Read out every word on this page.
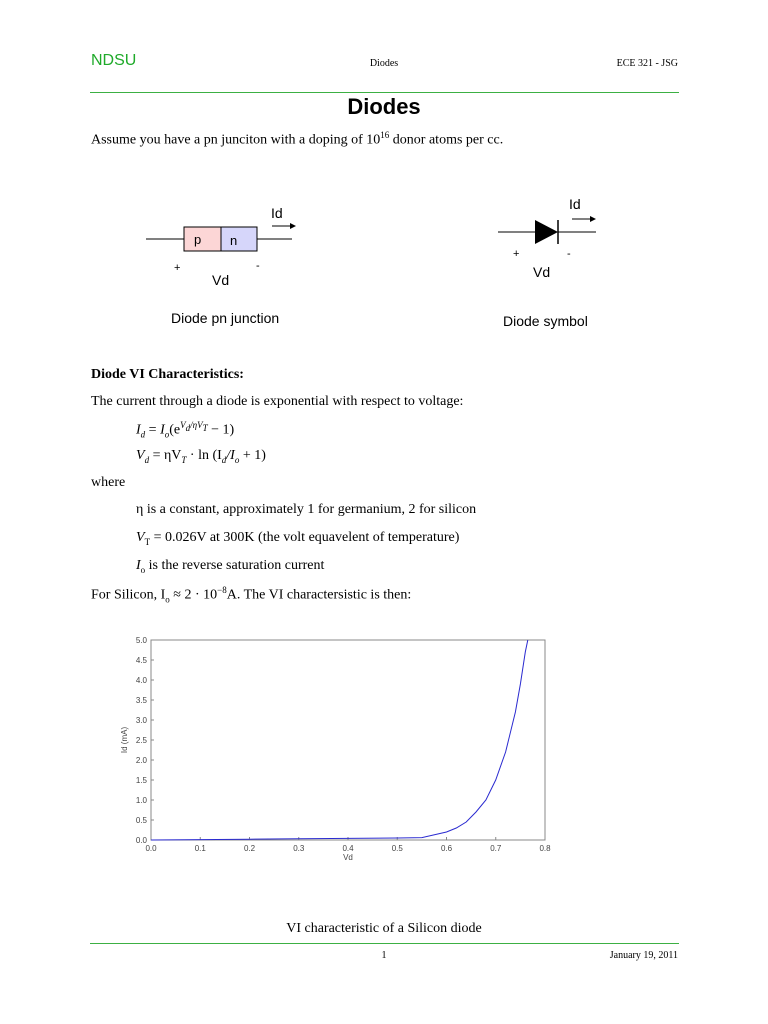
NDSU	Diodes	ECE 321 - JSG
Diodes
Assume you have a pn junciton with a doping of $10^{16}$ donor atoms per cc.
Id
p n
+	-
Vd
Diode pn junction
Id
+	-
Vd
Diode symbol
Diode VI Characteristics:
The current through a diode is exponential with respect to voltage:
$I_d = I_o(e^{V_d/\eta V_T} - 1)$
$V_d = \eta V_T \cdot \ln (I_d/I_o + 1)$
where
η is a constant, approximately 1 for germanium, 2 for silicon
$V_T = 0.026V$ at 300K (the volt equavelent of temperature)
$I_o$ is the reverse saturation current
For Silicon, $I_o \approx 2 \cdot 10^{-8}A$. The VI charactersistic is then:
0.0	0.1	0.2	0.3	0.4	0.5	0.6	0.7	0.8
0.0
0.5
1.0
1.5
2.0
2.5
3.0
3.5
4.0
4.5
5.0
Vd
Id (mA)
VI characteristic of a Silicon diode
1	January 19, 2011
